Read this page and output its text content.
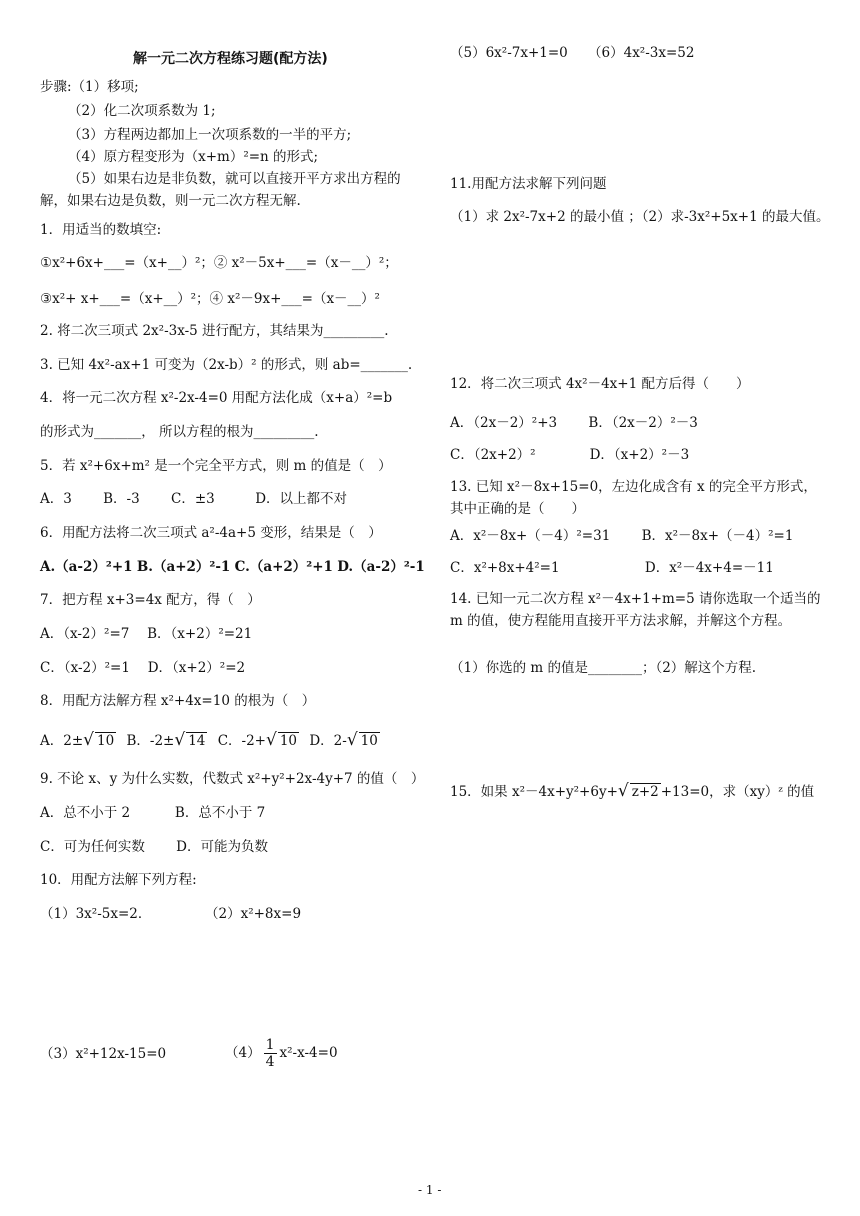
解一元二次方程练习题(配方法)
步骤:（1）移项;
（2）化二次项系数为 1;
（3）方程两边都加上一次项系数的一半的平方;
（4）原方程变形为（x+m）²=n 的形式;
（5）如果右边是非负数，就可以直接开平方求出方程的解，如果右边是负数，则一元二次方程无解.
1．用适当的数填空:
①x²+6x+___=（x+__）²；② x²－5x+___=（x－__）²；
③x²+ x+___=（x+__）²；④ x²－9x+___=（x－__）²
2. 将二次三项式 2x²-3x-5 进行配方，其结果为_________.
3. 已知 4x²-ax+1 可变为（2x-b）² 的形式，则 ab=_______.
4．将一元二次方程 x²-2x-4=0 用配方法化成（x+a）²=b
的形式为_______， 所以方程的根为_________.
5．若 x²+6x+m² 是一个完全平方式，则 m 的值是（　）
A．3　　 B．-3　　 C．±3　　　D．以上都不对
6．用配方法将二次三项式 a²-4a+5 变形，结果是（　）
A.（a-2）²+1 B.（a+2）²-1 C.（a+2）²+1 D.（a-2）²-1
7．把方程 x+3=4x 配方，得（　）
A．（x-2）²=7　 B．（x+2）²=21
C．（x-2）²=1　 D．（x+2）²=2
8．用配方法解方程 x²+4x=10 的根为（　）
A．2±√ 10 B．-2±√ 14 C．-2+√ 10 D．2-√ 10
9. 不论 x、y 为什么实数，代数式 x²+y²+2x-4y+7 的值（　）
A．总不小于 2　　　 B．总不小于 7
C．可为任何实数　　 D．可能为负数
10．用配方法解下列方程:
（1）3x²-5x=2．	（2）x²+8x=9
（3）x²+12x-15=0	$(4) \frac{1}{4} x^2-x-4=0$
（5）6x²-7x+1=0　　（6）4x²-3x=52
11.用配方法求解下列问题
（1）求 2x²-7x+2 的最小值 ；（2）求-3x²+5x+1 的最大值。
12．将二次三项式 4x²－4x+1 配方后得（　　）
A．（2x－2）²+3　　 B．（2x－2）²－3
C．（2x+2）²　　　　D．（x+2）²－3
13. 已知 x²－8x+15=0，左边化成含有 x 的完全平方形式，其中正确的是（　　）
A．x²－8x+（－4）²=31　　 B．x²－8x+（－4）²=1
C．x²+8x+4²=1　　　　　　 D．x²－4x+4=－11
14. 已知一元二次方程 x²－4x+1+m=5 请你选取一个适当的 m 的值，使方程能用直接开平方法求解，并解这个方程。
（1）你选的 m 的值是________；（2）解这个方程.
15．如果 x²－4x+y²+6y+√ z+2 +13=0，求（xy）ᶻ 的值
- 1 -
